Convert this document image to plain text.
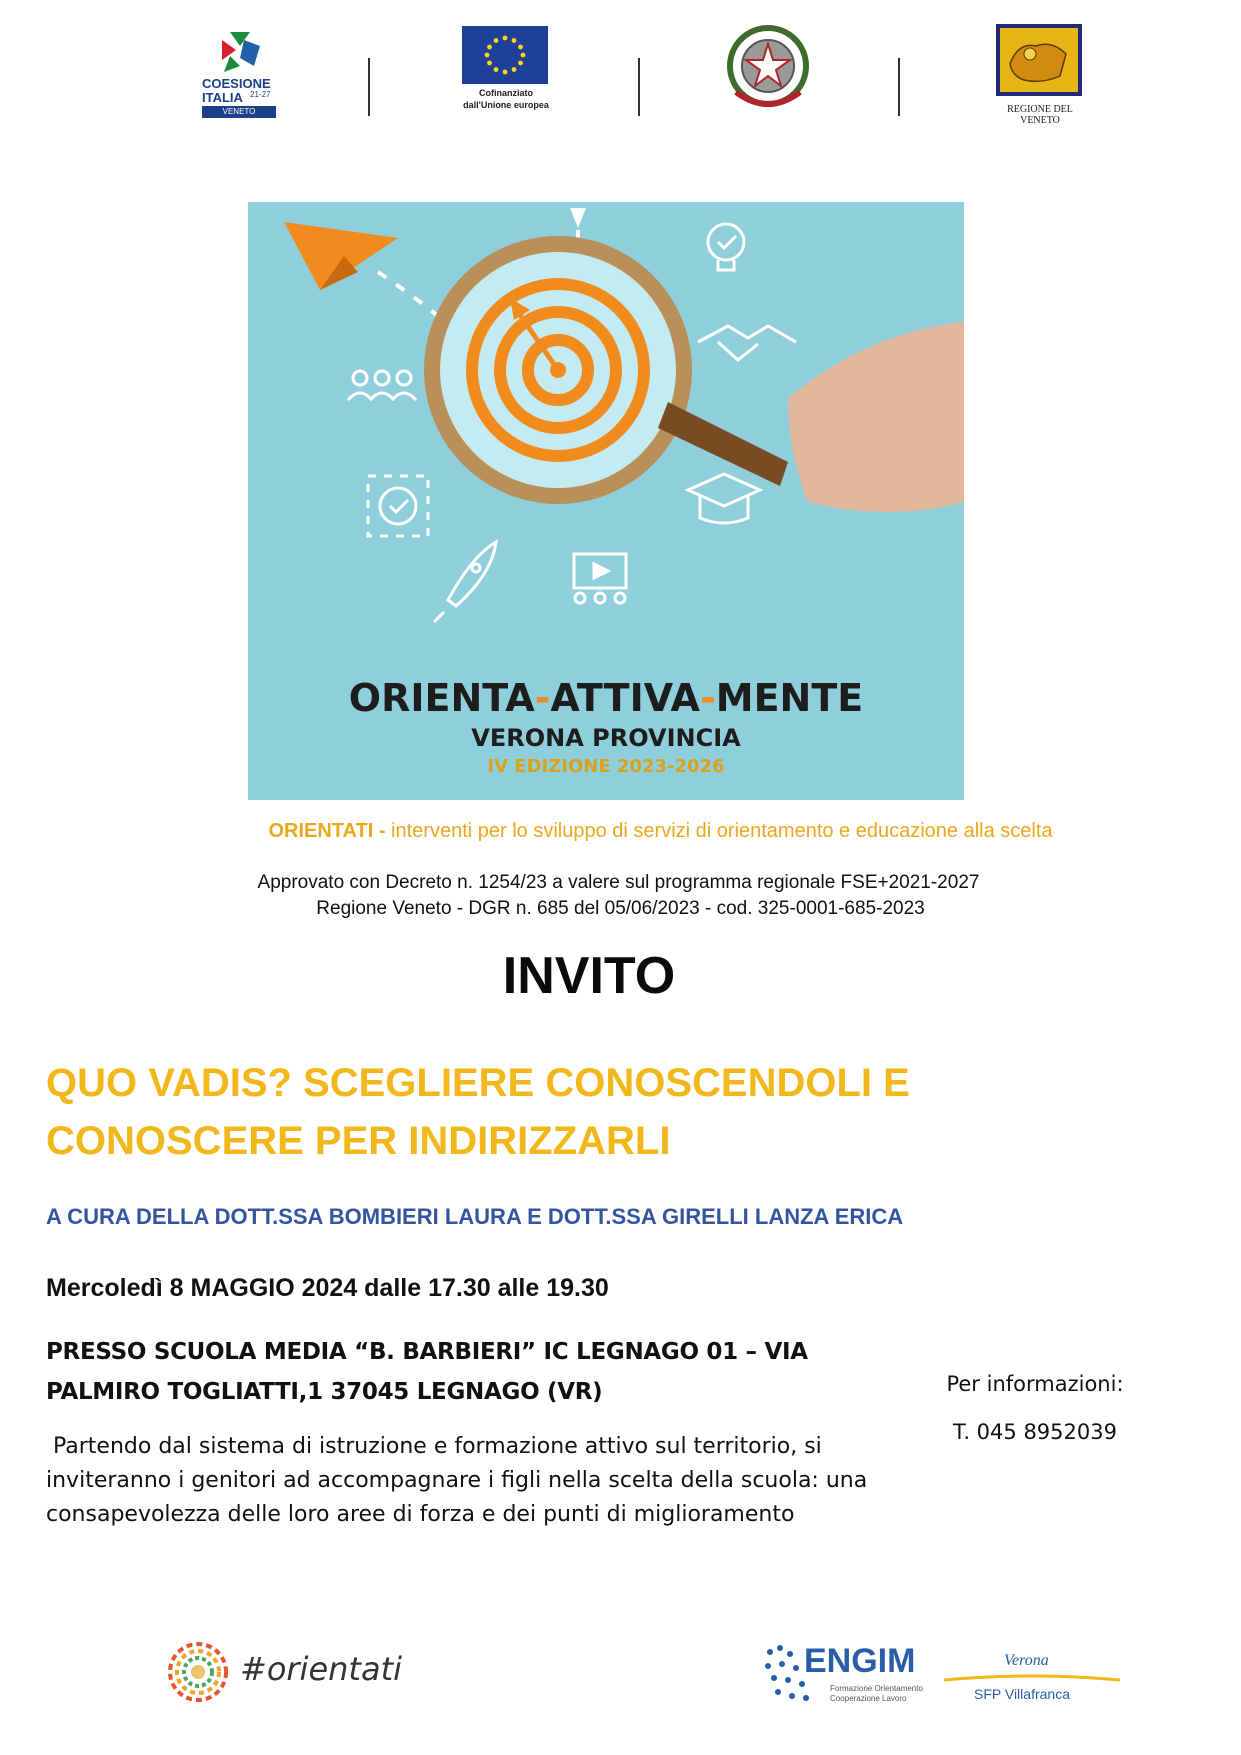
COESIONE
ITALIA 21-27
VENETO
Cofinanziato
dall'Unione europea	REGIONE DEL VENETO
ORIENTA-ATTIVA-MENTE
VERONA PROVINCIA
IV EDIZIONE 2023-2026
ORIENTATI - interventi per lo sviluppo di servizi di orientamento e educazione alla scelta
Approvato con Decreto n. 1254/23 a valere sul programma regionale FSE+2021-2027
Regione Veneto - DGR n. 685 del 05/06/2023 - cod. 325-0001-685-2023
INVITO
QUO VADIS? SCEGLIERE CONOSCENDOLI E
CONOSCERE PER INDIRIZZARLI
A CURA DELLA DOTT.SSA BOMBIERI LAURA E DOTT.SSA GIRELLI LANZA ERICA
Mercoledì 8 MAGGIO 2024 dalle 17.30 alle 19.30
PRESSO SCUOLA MEDIA “B. BARBIERI” IC LEGNAGO 01 – VIA
PALMIRO TOGLIATTI,1 37045 LEGNAGO (VR)	Per informazioni:
T. 045 8952039
Partendo dal sistema di istruzione e formazione attivo sul territorio, si
inviteranno i genitori ad accompagnare i figli nella scelta della scuola: una
consapevolezza delle loro aree di forza e dei punti di miglioramento
#orientati	ENGIM
Formazione Orientamento
Cooperazione Lavoro
Verona
SFP Villafranca
